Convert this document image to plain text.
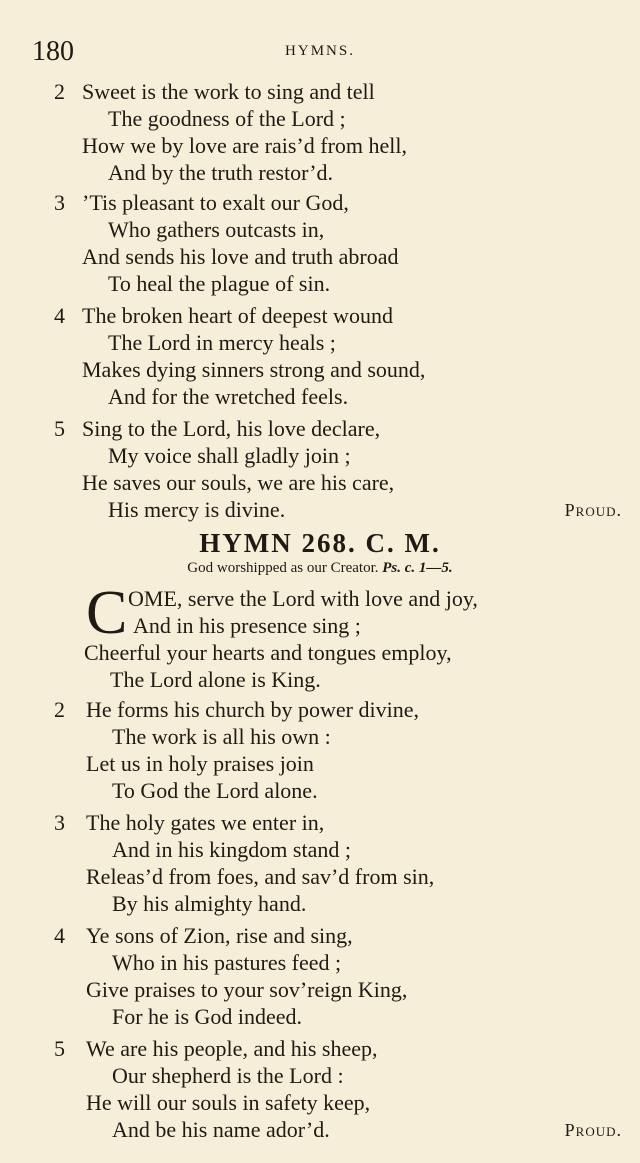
180	HYMNS.
2 Sweet is the work to sing and tell
The goodness of the Lord ;
How we by love are rais’d from hell,
And by the truth restor’d.
3 ’Tis pleasant to exalt our God,
Who gathers outcasts in,
And sends his love and truth abroad
To heal the plague of sin.
4 The broken heart of deepest wound
The Lord in mercy heals ;
Makes dying sinners strong and sound,
And for the wretched feels.
5 Sing to the Lord, his love declare,
My voice shall gladly join ;
He saves our souls, we are his care,
His mercy is divine.	Proud.
HYMN 268. C. M.
God worshipped as our Creator. Ps. c. 1—5.
C OME, serve the Lord with love and joy,
And in his presence sing ;
Cheerful your hearts and tongues employ,
The Lord alone is King.
2 He forms his church by power divine,
The work is all his own :
Let us in holy praises join
To God the Lord alone.
3 The holy gates we enter in,
And in his kingdom stand ;
Releas’d from foes, and sav’d from sin,
By his almighty hand.
4 Ye sons of Zion, rise and sing,
Who in his pastures feed ;
Give praises to your sov’reign King,
For he is God indeed.
5 We are his people, and his sheep,
Our shepherd is the Lord :
He will our souls in safety keep,
And be his name ador’d.	Proud.
